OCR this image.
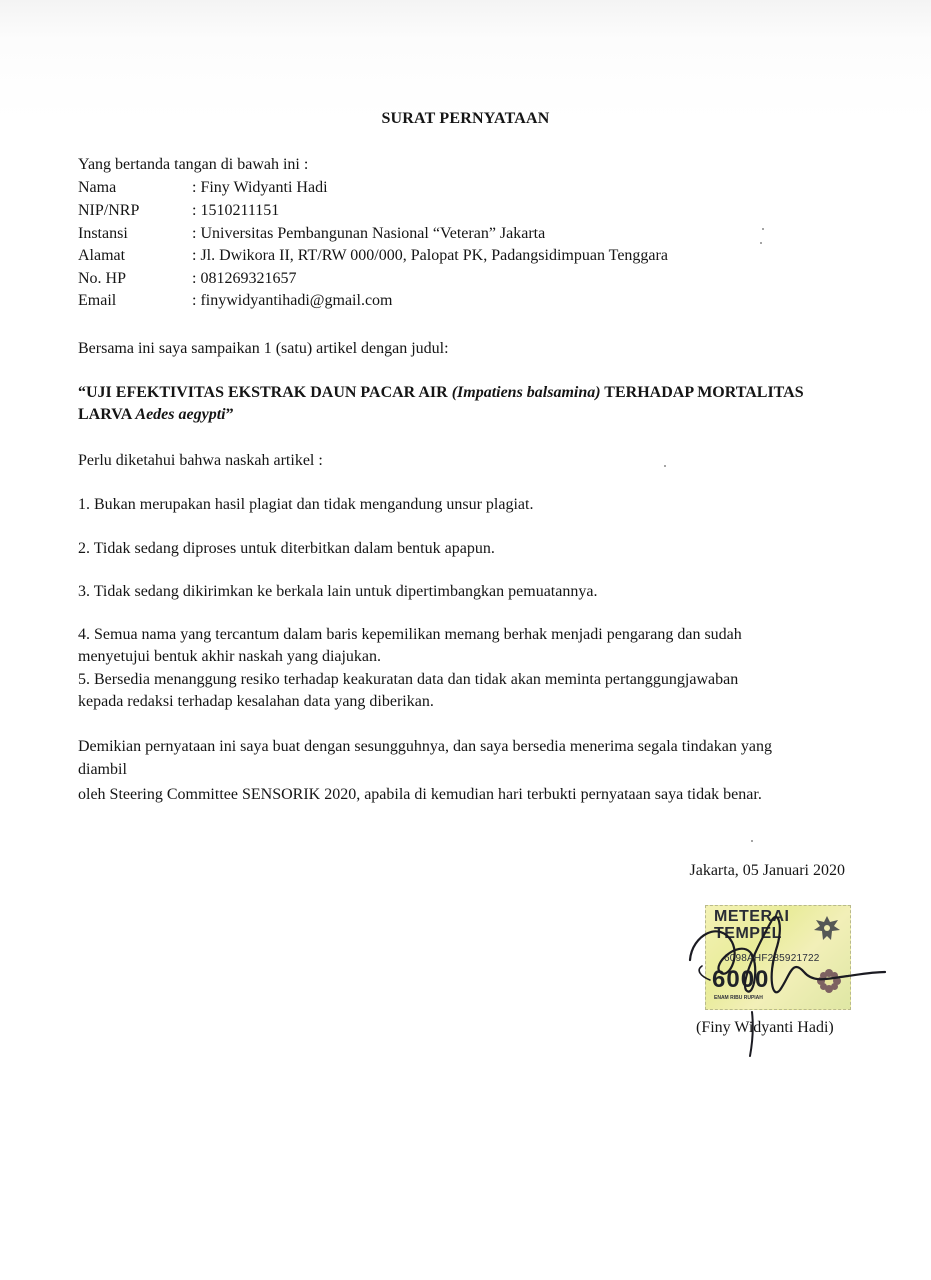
SURAT PERNYATAAN
Yang bertanda tangan di bawah ini :
Nama	: Finy Widyanti Hadi
NIP/NRP	: 1510211151
Instansi	: Universitas Pembangunan Nasional “Veteran” Jakarta
Alamat	: Jl. Dwikora II, RT/RW 000/000, Palopat PK, Padangsidimpuan Tenggara
No. HP	: 081269321657
Email	: finywidyantihadi@gmail.com
Bersama ini saya sampaikan 1 (satu) artikel dengan judul:
“UJI EFEKTIVITAS EKSTRAK DAUN PACAR AIR (Impatiens balsamina) TERHADAP MORTALITAS LARVA Aedes aegypti”
Perlu diketahui bahwa naskah artikel :
1. Bukan merupakan hasil plagiat dan tidak mengandung unsur plagiat.
2. Tidak sedang diproses untuk diterbitkan dalam bentuk apapun.
3. Tidak sedang dikirimkan ke berkala lain untuk dipertimbangkan pemuatannya.
4. Semua nama yang tercantum dalam baris kepemilikan memang berhak menjadi pengarang dan sudah
menyetujui bentuk akhir naskah yang diajukan.
5. Bersedia menanggung resiko terhadap keakuratan data dan tidak akan meminta pertanggungjawaban
kepada redaksi terhadap kesalahan data yang diberikan.
Demikian pernyataan ini saya buat dengan sesungguhnya, dan saya bersedia menerima segala tindakan yang
diambil
oleh Steering Committee SENSORIK 2020, apabila di kemudian hari terbukti pernyataan saya tidak benar.
Jakarta, 05 Januari 2020
METERAI
TEMPEL
6098AHF285921722
6000
ENAM RIBU RUPIAH
(Finy Widyanti Hadi)
